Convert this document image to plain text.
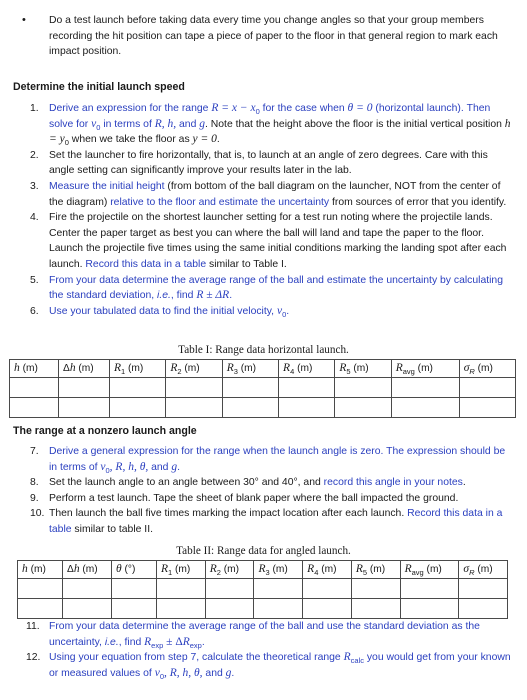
• Do a test launch before taking data every time you change angles so that your group members recording the hit position can tape a piece of paper to the floor in that general region to mark each impact position.
Determine the initial launch speed
1. Derive an expression for the range $R = x - x_0$ for the case when θ = 0 (horizontal launch). Then solve for $v_0$ in terms of R, h, and g. Note that the height above the floor is the initial vertical position $h = y_0$ when we take the floor as y = 0.
2. Set the launcher to fire horizontally, that is, to launch at an angle of zero degrees. Care with this angle setting can significantly improve your results later in the lab.
3. Measure the initial height (from bottom of the ball diagram on the launcher, NOT from the center of the diagram) relative to the floor and estimate the uncertainty from sources of error that you identify.
4. Fire the projectile on the shortest launcher setting for a test run noting where the projectile lands. Center the paper target as best you can where the ball will land and tape the paper to the floor. Launch the projectile five times using the same initial conditions marking the landing spot after each launch. Record this data in a table similar to Table I.
5. From your data determine the average range of the ball and estimate the uncertainty by calculating the standard deviation, i.e., find R ± ΔR.
6. Use your tabulated data to find the initial velocity, $v_0$.
Table I: Range data horizontal launch.
h (m)	Δh (m)	$R_1$ (m)	$R_2$ (m)	$R_3$ (m)	$R_4$ (m)	$R_5$ (m)	$R_{avg}$ (m)	$\sigma_R$ (m)

The range at a nonzero launch angle
7. Derive a general expression for the range when the launch angle is zero. The expression should be in terms of $v_0$, R, h, θ, and g.
8. Set the launch angle to an angle between 30° and 40°, and record this angle in your notes.
9. Perform a test launch. Tape the sheet of blank paper where the ball impacted the ground.
10. Then launch the ball five times marking the impact location after each launch. Record this data in a table similar to table II.
Table II: Range data for angled launch.
h (m)	Δh (m)	θ (°)	$R_1$ (m)	$R_2$ (m)	$R_3$ (m)	$R_4$ (m)	$R_5$ (m)	$R_{avg}$ (m)	$\sigma_R$ (m)

11. From your data determine the average range of the ball and use the standard deviation as the uncertainty, i.e., find $R_{exp} \pm \Delta R_{exp}$.
12. Using your equation from step 7, calculate the theoretical range $R_{calc}$ you would get from your known or measured values of $v_0$, R, h, θ, and g.
